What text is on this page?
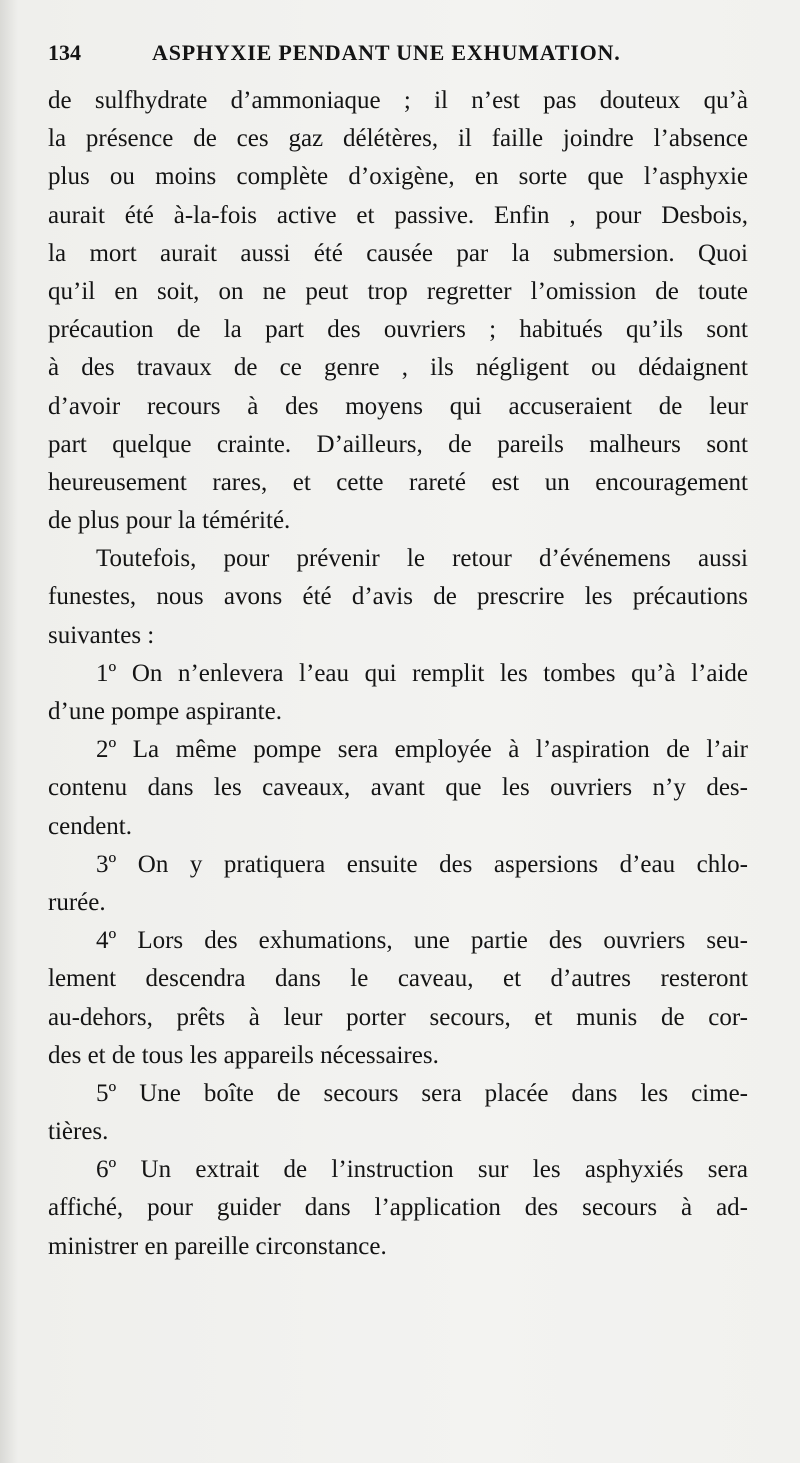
134	ASPHYXIE PENDANT UNE EXHUMATION.
de sulfhydrate d’ammoniaque ; il n’est pas douteux qu’à
la présence de ces gaz délétères, il faille joindre l’absence
plus ou moins complète d’oxigène, en sorte que l’asphyxie
aurait été à-la-fois active et passive. Enfin , pour Desbois,
la mort aurait aussi été causée par la submersion. Quoi
qu’il en soit, on ne peut trop regretter l’omission de toute
précaution de la part des ouvriers ; habitués qu’ils sont
à des travaux de ce genre , ils négligent ou dédaignent
d’avoir recours à des moyens qui accuseraient de leur
part quelque crainte. D’ailleurs, de pareils malheurs sont
heureusement rares, et cette rareté est un encouragement
de plus pour la témérité.
Toutefois, pour prévenir le retour d’événemens aussi
funestes, nous avons été d’avis de prescrire les précautions
suivantes :
1º On n’enlevera l’eau qui remplit les tombes qu’à l’aide
d’une pompe aspirante.
2º La même pompe sera employée à l’aspiration de l’air
contenu dans les caveaux, avant que les ouvriers n’y des-
cendent.
3º On y pratiquera ensuite des aspersions d’eau chlo-
rurée.
4º Lors des exhumations, une partie des ouvriers seu-
lement descendra dans le caveau, et d’autres resteront
au-dehors, prêts à leur porter secours, et munis de cor-
des et de tous les appareils nécessaires.
5º Une boîte de secours sera placée dans les cime-
tières.
6º Un extrait de l’instruction sur les asphyxiés sera
affiché, pour guider dans l’application des secours à ad-
ministrer en pareille circonstance.
